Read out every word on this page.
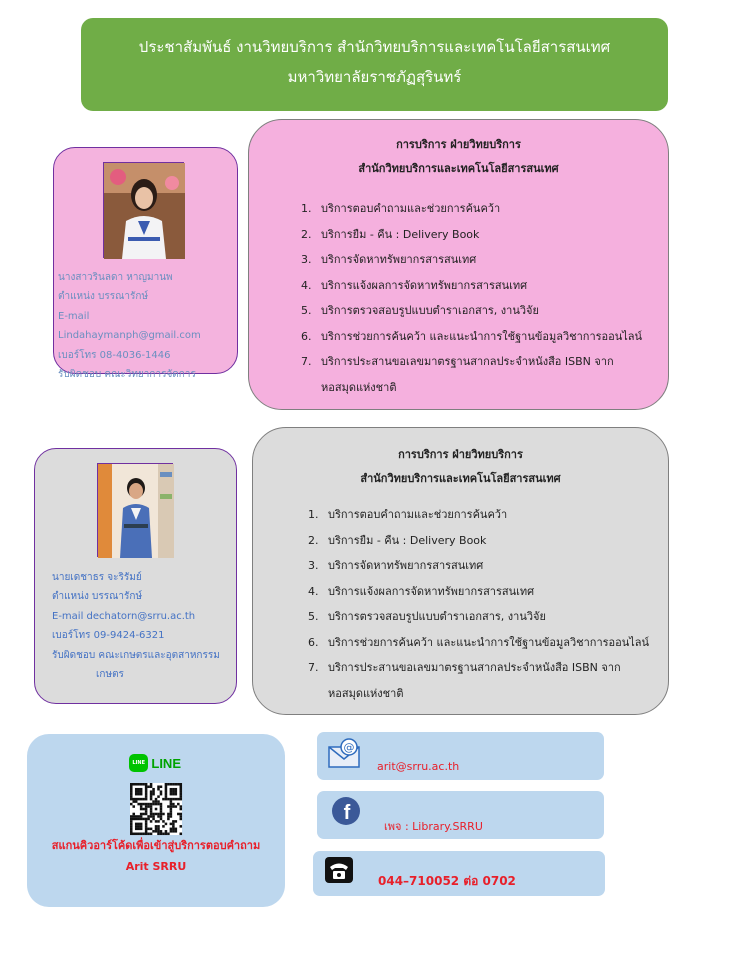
ประชาสัมพันธ์ งานวิทยบริการ สำนักวิทยบริการและเทคโนโลยีสารสนเทศ
มหาวิทยาลัยราชภัฏสุรินทร์
นางสาวรินลดา หาญมานพ
ตำแหน่ง บรรณารักษ์
E-mail
Lindahaymanph@gmail.com
เบอร์โทร 08-4036-1446
รับผิดชอบ คณะวิทยาการจัดการ
นายเดชาธร จะริรัมย์
ตำแหน่ง บรรณารักษ์
E-mail dechatorn@srru.ac.th
เบอร์โทร 09-9424-6321
รับผิดชอบ คณะเกษตรและอุตสาหกรรม
เกษตร
การบริการ ฝ่ายวิทยบริการ
สำนักวิทยบริการและเทคโนโลยีสารสนเทศ
1. บริการตอบคำถามและช่วยการค้นคว้า
2. บริการยืม - คืน : Delivery Book
3. บริการจัดหาทรัพยากรสารสนเทศ
4. บริการแจ้งผลการจัดหาทรัพยากรสารสนเทศ
5. บริการตรวจสอบรูปแบบตำราเอกสาร, งานวิจัย
6. บริการช่วยการค้นคว้า และแนะนำการใช้ฐานข้อมูลวิชาการออนไลน์
7. บริการประสานขอเลขมาตรฐานสากลประจำหนังสือ ISBN จากหอสมุดแห่งชาติ
การบริการ ฝ่ายวิทยบริการ
สำนักวิทยบริการและเทคโนโลยีสารสนเทศ
1. บริการตอบคำถามและช่วยการค้นคว้า
2. บริการยืม - คืน : Delivery Book
3. บริการจัดหาทรัพยากรสารสนเทศ
4. บริการแจ้งผลการจัดหาทรัพยากรสารสนเทศ
5. บริการตรวจสอบรูปแบบตำราเอกสาร, งานวิจัย
6. บริการช่วยการค้นคว้า และแนะนำการใช้ฐานข้อมูลวิชาการออนไลน์
7. บริการประสานขอเลขมาตรฐานสากลประจำหนังสือ ISBN จากหอสมุดแห่งชาติ
LINE LINE
สแกนคิวอาร์โค้ดเพื่อเข้าสู่บริการตอบคำถาม
Arit SRRU
@
arit@srru.ac.th
f
เพจ : Library.SRRU
044–710052 ต่อ 0702
